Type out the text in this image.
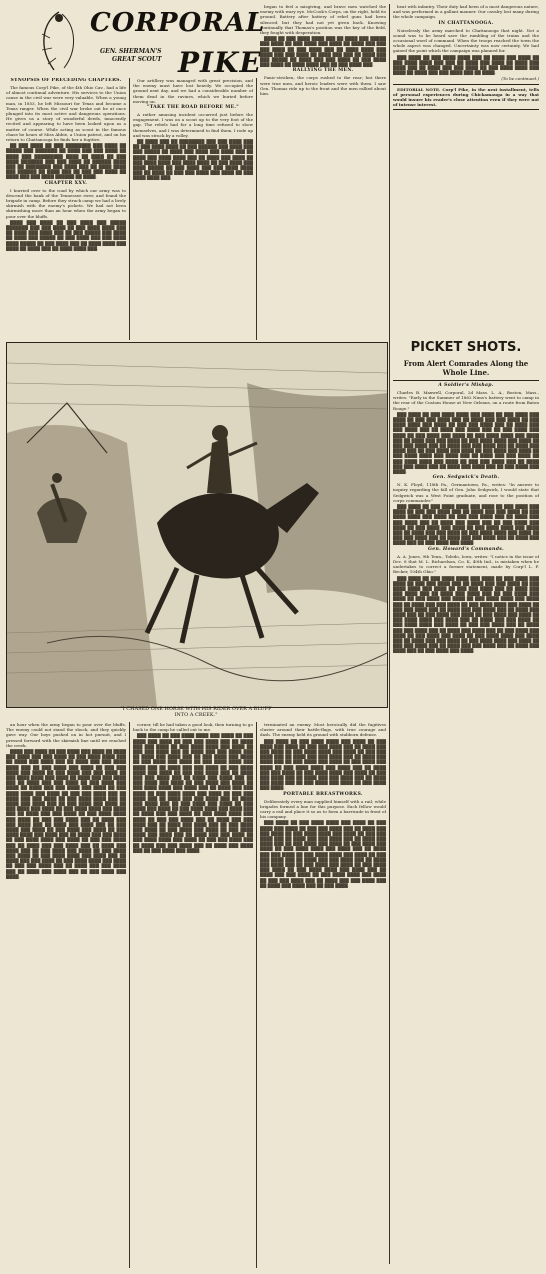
CORPORAL
PIKE
GEN. SHERMAN'S
GREAT SCOUT

SYNOPSIS OF PRECEDING CHAPTERS.

The famous Corp'l Pike, of the 4th Ohio Cav., had a life of almost continual adventure. His services to the Union cause in the civil war were very valuable. When a young man, in 1853, he left Missouri for Texas and became a Texas ranger. When the civil war broke out he at once plunged into its most active and dangerous operations. He gives us a story of wonderful deeds, innocently recited and appearing to have been looked upon as a matter of course. While acting as scout in the famous chase he hears of Miss Abbie, a Union patriot, and on his return to Chattanooga he finds her a fugitive.

██ ███ ████ ██ ███ ████████ ███ ████ ██ █████ ███ ███████ ██ ████ ███ ███ ████ ██ ████ ███ █████████ ████ ██ ████ ██ ███ ████ ███████ ███ ███ ████ ██ ██████ ████ ███ ██ ████████ ███ ████ ███ ██ ████ ████ ███ ██████ ██ ████ ███ ██ ███ ███ ████ ██ ████ ███ ███ ████ ██████ ██ ████.

CHAPTER XXV.

I hurried over to the road by which our army was to descend the bank of the Tennessee river, and found the brigade in camp. Before they struck camp we had a lively skirmish with the enemy's pickets. We had not been skirmishing more than an hour when the army began to pour over the bluffs.

████ ███ ████ ██ ███ ████ ███ █████ ███████ ███ ███ ████ ██ ███ ████ ████ ███ ██ ████ ███ ████ ███ ██ ███ █████ ███ ████ ██ ████ ███ █████ ██ ███ ████ ███ ███ ████ ████ █████ ██ ███ ████ ███ ██ ████ ████ ███ ████ ██ ████ ███ ██ ████ ████ ███.

Our artillery was managed with great precision, and the enemy must have lost heavily. We occupied the ground next day, and we had a considerable number of them dead in the ravines, which we buried before moving on.

"TAKE THE ROAD BEFORE ME."

A rather amusing incident occurred just before the engagement. I was on a scout up to the very foot of the gap. The rebels had for a long time refused to show themselves, and I was determined to find them. I rode up and was struck by a volley.

██ ████ ███ ██ ████████ ███ ███ ████ ███ ██ ███ ████ ████ ██ ███ ██████ ███ ████ ███ ███ █████ ██ ████ ███ ████ ███ ████ ███ ██ ████ ███ ████ ████ ███ ██ ████ ███ ████ ██ ███ ████ ████ ███ ████ ████ ██ ███ ████ ███ ████ █████ ██ ███ ████ ███ ███ ████ ████ ███ ██ ████ ██ ███ ███ ████ ███ ████ ██ ███ ████ ████ ███.

began to feel a misgiving, and brave men watched the enemy with wary eye. McCook's Corps, on the right, held its ground. Battery after battery of rebel guns had been silenced, but they had not yet given back. Knowing continually that Thomas's position was the key of the field, they fought with desperation.

████ ██ ███ ████ ████ ███ ██ ████ ███ █████ ███ ████ ██ ███ ████ ███ ████ ██ ████ ███ ███ ███ ████ ██ ███ ████ ███ ██ ████ ████ ███ ████ ███ ███ ████ ██ ████ ███ ███ ██ ████ ███ ███ █████ ██ ████ ███ ███ ████ ██ ███ ████ ███ ████ ██ ████ ████ ███ ██ ███ ████ ███.

RALLYING THE MEN.

Panic-stricken, the corps rushed to the rear; but there were true men, and heroic leaders were with them. I saw Gen. Thomas ride up to the front and the men rallied about him.

beat with infantry. Their duty had been of a most dangerous nature, and was performed in a gallant manner. Our cavalry lost many during the whole campaign.

IN CHATTANOOGA.

Noiselessly the army marched to Chattanooga that night. Not a sound was to be heard save the rumbling of the trains and the occasional word of command. When the troops reached the town the whole aspect was changed. Uncertainty was now certainty. We had gained the point which the campaign was planned for.

███ ████ ██ ███ ████ ████ ███ ██ ████ ███ ████ ██ ███ ████ ████ ███ ███ ██ ████ ███ ████ ██ ████ ███ ████ ███ ██ ████ ███ ███ ████ ██ ███ ████ ████ ███ ████ ██ ████ ███ ███ ████ ███ ██ ████.

(To be continued.)

EDITORIAL NOTE. Corp'l Pike, in the next installment, tells of personal experiences during Chickamauga in a way that would insure his reader's close attention even if they were not of intense interest.

"I CHASED ONE HORSE WITH HIS RIDER OVER A BLUFF
INTO A CREEK."

an hour when the army began to pour over the bluffs. The enemy could not stand the shock, and they quickly gave way. Our boys pushed on in hot pursuit, and I pressed forward with the skirmish line until we reached the creek.

████ ███ ████ ██ ███ ████ ███ ████ ██ ████ ███ ████ ███ ███ ████ ██ ███ ████ ████ ███ ██ ████ ███ ████ ███ ██ ████ ███ ███ ████ ████ ███ ██ ███ ████ ███ ████ ██ ███ ███ ████ ███ ████ ██ ███ ████ ███ ███ ████ ██ ███ ████ ████ ███ ████ ██ ████ ███ ███ ████ ███ ██ ████ ███ ███ ████ ██ ███ ████ ███ ████ ██ ████ ███ ███ ████ ███ ████ ██ ███ ████ ████ ███ ████ ██ ███ ███ ████ ███ ██ ████ ███ ███ ████ ██ ███ ████ ████ ███ ██ ████ ███ ████ ███ ██ ███ ████ ███ ████ ██ ███ ████ ███ ████ ██ ███ ████ ████ ███ ████ ███ ██ ████ ███ ███ ████ ██ ███ ████ ████ ███ ████ ██ ███ ███ ████ ███ ██ ████ ███ ███ ████ ███ ██ ████ ███ ████ ███ ██ ███ ████ ███ ████ ██ ███ ████ ███ ████ ██ ███ ████ ████ ███ ████ ███ ██ ████ ███ ███ ████ ██ ███ ████ ████ ███ ████ ██ ███ ███ ████ ███ ██ ████ ███ ███ ████ ███ ██ ████ ███ ████ ███ ██ ███ ████ ███ ████ ██ ███ ████ ███ ████ ██ ███ ████ ████ ███ ████ ███ ██ ████ ███ ███ ████ ██ ███ ████ ████ ███ ████ ██ ███ ███ ████ ███ ██ ████ ███ ███ ████ ███ ██ ████ ███ ████ ███ ██ ███ ████ ███ ████.

corner, till he had taken a good look, then turning to go back to the camp he called out to me.

███ ████ ██ ███ ████ ████ ███ ████ ██ ███ ████ ███ ████ ██ ███ ███ ████ ███ ██ ████ ███ ███ ████ ██ ███ ████ ████ ███ ████ ██ ███ ███ ████ ███ ██ ████ ███ ███ ████ ███ ██ ████ ███ ████ ███ ██ ███ ████ ███ ████ ██ ███ ████ ███ ████ ██ ███ ████ ████ ███ ████ ███ ██ ████ ███ ███ ████ ██ ███ ████ ████ ███ ████ ██ ███ ███ ████ ███ ██ ████ ███ ███ ████ ███ ██ ████ ███ ████ ███ ██ ███ ████ ███ ████ ██ ███ ████ ███ ████ ██ ███ ████ ████ ███ ████ ███ ██ ████ ███ ███ ████ ██ ███ ████ ████ ███ ████ ██ ███ ███ ████ ███ ██ ████ ███ ███ ████ ███ ██ ████ ███ ████ ███ ██ ███ ████ ███ ████ ██ ███ ████ ███ ████ ██ ███ ████ ████ ███ ████ ███ ██ ████ ███ ███ ████ ██ ███ ████ ████ ███ ████ ██ ███ ███ ████ ███ ██ ████ ███ ███ ████ ███ ██ ████ ███ ████ ███ ██ ███ ████ ███ ████ ██ ███ ████ ███ ████ ██ ███ ████ ████ ███ ████ ███ ██ ████ ███ ███ ████ ██ ███ ████ ████ ███ ████ ██ ███ ███ ████ ███ ██ ████ ███ ███ ████ ███ ██ ████ ███ ████ ███ ██ ███ ████ ███ ████.

terminated an enemy. Most heroically did the fugitives cluster around their battle-flags, with true courage and dash. The enemy held its ground with stubborn defense.

███ ████ ██ ███ ████ ████ ███ ████ ██ ███ ████ ███ ████ ██ ███ ███ ████ ███ ██ ████ ███ ███ ████ ██ ███ ████ ████ ███ ████ ██ ███ ███ ████ ███ ██ ████ ███ ███ ████ ███ ██ ████ ███ ████ ███ ██ ███ ████ ███ ████ ██ ███ ████ ███ ████ ██ ███ ████ ████ ███ ████ ███ ██ ████ ███ ███ ████ ██ ███ ████ ████ ███ ████ ██ ███ ███ ████ ███ ██ ████ ███ ███ ████ ███ ██ ████ ███ ████ ███ ██ ███ ████ ███ ████ ██ ███ ████ ███ ████.

PORTABLE BREASTWORKS.

Deliberately every man supplied himself with a rail; while brigades formed a line for this purpose. Each fellow would carry a rail and place it so as to form a barricade in front of his company.

███ ████ ██ ███ ████ ████ ███ ████ ██ ███ ████ ███ ████ ██ ███ ███ ████ ███ ██ ████ ███ ███ ████ ██ ███ ████ ████ ███ ████ ██ ███ ███ ████ ███ ██ ████ ███ ███ ████ ███ ██ ████ ███ ████ ███ ██ ███ ████ ███ ████ ██ ███ ████ ███ ████ ██ ███ ████ ████ ███ ████ ███ ██ ████ ███ ███ ████ ██ ███ ████ ████ ███ ████ ██ ███ ███ ████ ███ ██ ████ ███ ███ ████ ███ ██ ████ ███ ████ ███ ██ ███ ████ ███ ████ ██ ███ ████ ███ ████ ██ ███ ████ ████ ███ ████ ███ ██ ████ ███ ███ ████ ██ ███ ████ ████ ███ ████ ██ ███ ███ ████ ███ ██ ████ ███ ███ ████ ███ ██ ████ ███ ████ ███ ██ ███ ████.

PICKET SHOTS.
From Alert Comrades Along the
Whole Line.

A Soldier's Mishap.

Charles B. Maxwell, Corporal, 2d Mass. L. A., Boston, Mass., writes: "Early in the Summer of 1862 Nims's battery went to camp in the rear of the Custom House at New Orleans, on a route from Baton Rouge."

███ ████ ██ ███ ████ ████ ███ ████ ██ ███ ████ ███ ████ ██ ███ ███ ████ ███ ██ ████ ███ ███ ████ ██ ███ ████ ████ ███ ████ ██ ███ ███ ████ ███ ██ ████ ███ ███ ████ ███ ██ ████ ███ ████ ███ ██ ███ ████ ███ ████ ██ ███ ████ ███ ████ ██ ███ ████ ████ ███ ████ ███ ██ ████ ███ ███ ████ ██ ███ ████ ████ ███ ████ ██ ███ ███ ████ ███ ██ ████ ███ ███ ████ ███ ██ ████ ███ ████ ███ ██ ███ ████ ███ ████ ██ ███ ████ ███ ████ ██ ███ ████ ████ ███ ████ ███ ██ ████ ███ ███ ████ ██ ███ ████ ████ ███ ████ ██ ███ ███ ████ ███ ██ ████ ███ ███ ████ ███ ██ ████ ███ ████ ███ ██ ███ ████ ███ ████.

Gen. Sedgwick's Death.

N. K. Floyd, 118th Pa., Germantown, Pa., writes: "In answer to inquiry regarding the fall of Gen. John Sedgwick, I would state that Sedgwick was a West Point graduate, and rose to the position of corps commander."

███ ████ ██ ███ ████ ████ ███ ████ ██ ███ ████ ███ ████ ██ ███ ███ ████ ███ ██ ████ ███ ███ ████ ██ ███ ████ ████ ███ ████ ██ ███ ███ ████ ███ ██ ████ ███ ███ ████ ███ ██ ████ ███ ████ ███ ██ ███ ████ ███ ████ ██ ███ ████ ███ ████ ██ ███ ████ ████ ███ ████ ███ ██ ████ ███ ███ ████ ██ ███ ████ ████ ███ ████ ██ ███ ███ ████ ███ ██ ████ ███ ███ ████ ███ ██ ████ ███ ████ ███ ██ ███ ████ ███ ████.

Gen. Howard's Commands.

A. A. Jones, 9th Tenn., Toledo, Iowa, writes: "I notice in the issue of Dec. 8 that M. L. Richardson, Co. K, 40th Ind., is mistaken when he undertakes to correct a former statement, made by Corp'l L. F. Becker, 104th Ohio."

███ ████ ██ ███ ████ ████ ███ ████ ██ ███ ████ ███ ████ ██ ███ ███ ████ ███ ██ ████ ███ ███ ████ ██ ███ ████ ████ ███ ████ ██ ███ ███ ████ ███ ██ ████ ███ ███ ████ ███ ██ ████ ███ ████ ███ ██ ███ ████ ███ ████ ██ ███ ████ ███ ████ ██ ███ ████ ████ ███ ████ ███ ██ ████ ███ ███ ████ ██ ███ ████ ████ ███ ████ ██ ███ ███ ████ ███ ██ ████ ███ ███ ████ ███ ██ ████ ███ ████ ███ ██ ███ ████ ███ ████ ██ ███ ████ ███ ████ ██ ███ ████ ████ ███ ████ ███ ██ ████ ███ ███ ████ ██ ███ ████ ████ ███ ████ ██ ███ ███ ████ ███ ██ ████ ███ ███ ████ ███ ██ ████ ███ ████ ███ ██ ███ ████ ███ ████ ██ ███ ████ ███ ████ ██ ███ ████ ████ ███ ████ ███ ██ ████ ███ ███ ████ ██ ███ ████ ████ ███ ████ ██ ███ ███ ████ ███ ██ ████ ███ ███ ████ ███ ██ ████ ███ ████ ███ ██ ███ ████ ███ ████.
